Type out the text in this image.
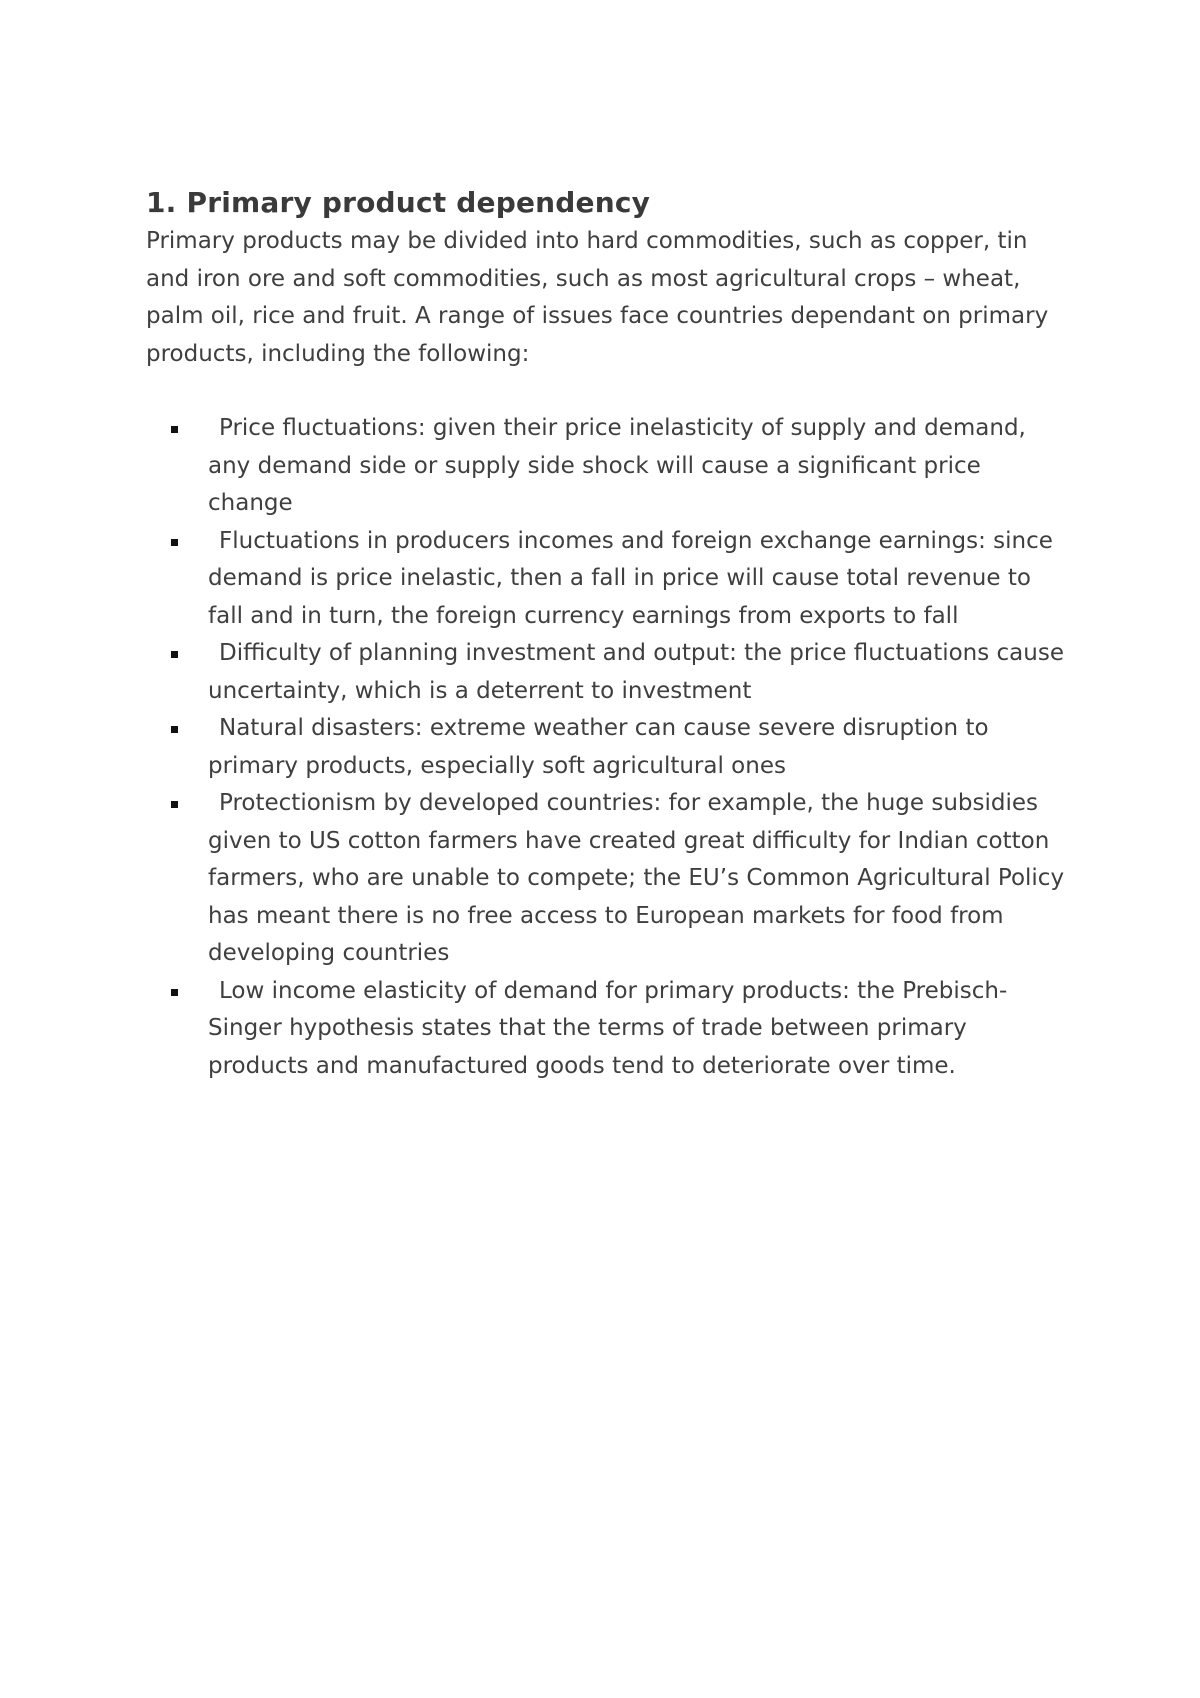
1. Primary product dependency

Primary products may be divided into hard commodities, such as copper, tin and iron ore and soft commodities, such as most agricultural crops – wheat, palm oil, rice and fruit. A range of issues face countries dependant on primary products, including the following:

Price fluctuations: given their price inelasticity of supply and demand, any demand side or supply side shock will cause a significant price change
Fluctuations in producers incomes and foreign exchange earnings: since demand is price inelastic, then a fall in price will cause total revenue to fall and in turn, the foreign currency earnings from exports to fall
Difficulty of planning investment and output: the price fluctuations cause uncertainty, which is a deterrent to investment
Natural disasters: extreme weather can cause severe disruption to primary products, especially soft agricultural ones
Protectionism by developed countries: for example, the huge subsidies given to US cotton farmers have created great difficulty for Indian cotton farmers, who are unable to compete; the EU’s Common Agricultural Policy has meant there is no free access to European markets for food from developing countries
Low income elasticity of demand for primary products: the Prebisch-Singer hypothesis states that the terms of trade between primary products and manufactured goods tend to deteriorate over time.
